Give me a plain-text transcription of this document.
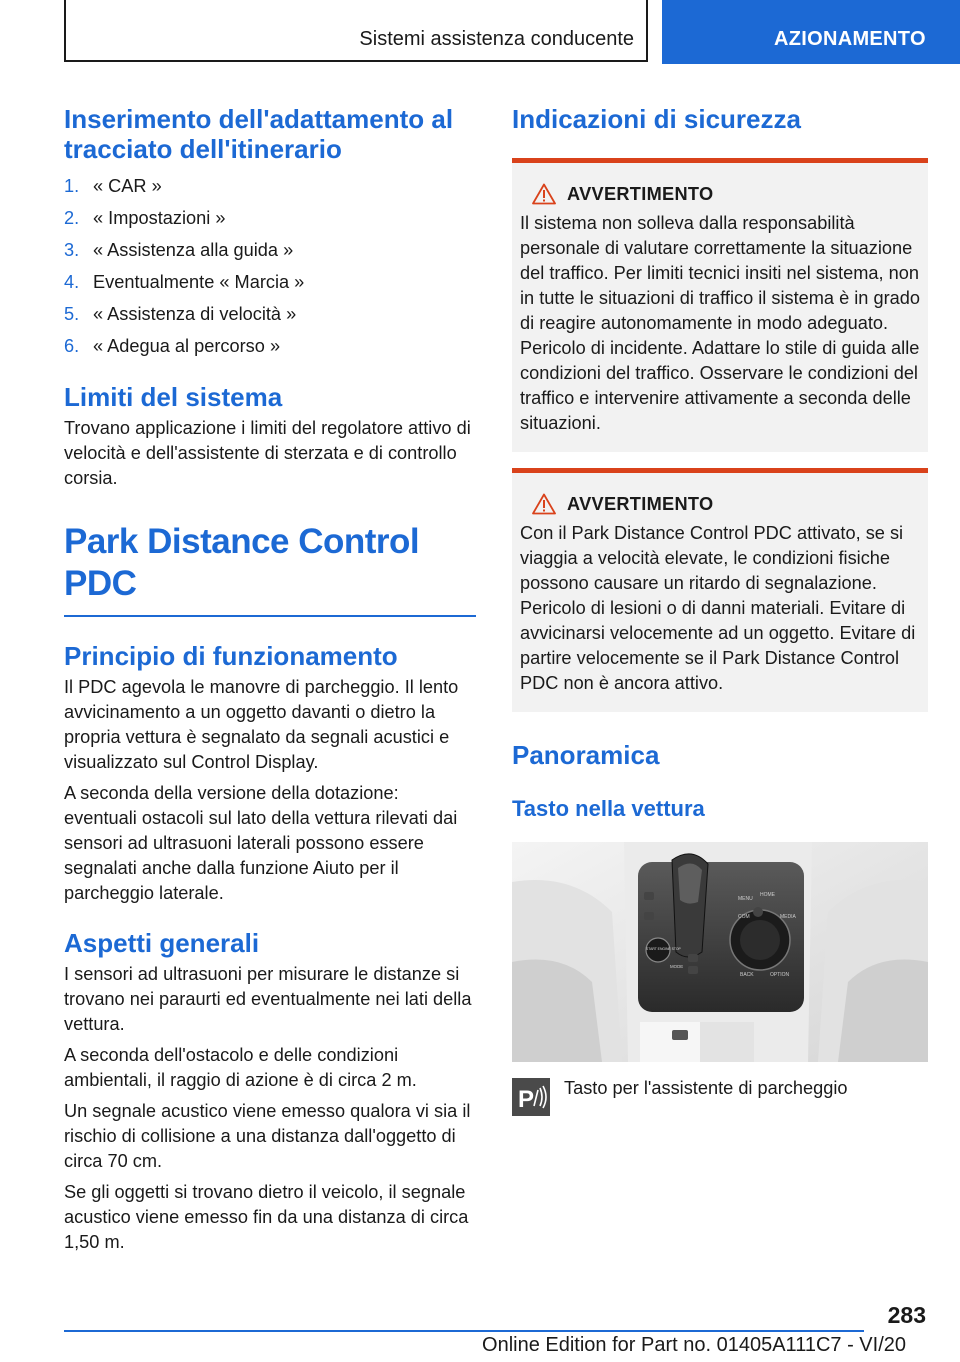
Sistemi assistenza conducente	AZIONAMENTO
Inserimento dell'adattamento al tracciato dell'itinerario
1. « CAR »
2. « Impostazioni »
3. « Assistenza alla guida »
4. Eventualmente « Marcia »
5. « Assistenza di velocità »
6. « Adegua al percorso »
Limiti del sistema

Trovano applicazione i limiti del regolatore attivo di velocità e dell'assistente di sterzata e di controllo corsia.

Park Distance Control PDC
Principio di funzionamento

Il PDC agevola le manovre di parcheggio. Il lento avvicinamento a un oggetto davanti o dietro la propria vettura è segnalato da segnali acustici e visualizzato sul Control Display.

A seconda della versione della dotazione: eventuali ostacoli sul lato della vettura rilevati dai sensori ad ultrasuoni laterali possono essere segnalati anche dalla funzione Aiuto per il parcheggio laterale.

Aspetti generali

I sensori ad ultrasuoni per misurare le distanze si trovano nei paraurti ed eventualmente nei lati della vettura.

A seconda dell'ostacolo e delle condizioni ambientali, il raggio di azione è di circa 2 m.

Un segnale acustico viene emesso qualora vi sia il rischio di collisione a una distanza dall'oggetto di circa 70 cm.

Se gli oggetti si trovano dietro il veicolo, il segnale acustico viene emesso fin da una distanza di circa 1,50 m.

Indicazioni di sicurezza
AVVERTIMENTO

Il sistema non solleva dalla responsabilità personale di valutare correttamente la situazione del traffico. Per limiti tecnici insiti nel sistema, non in tutte le situazioni di traffico il sistema è in grado di reagire autonomamente in modo adeguato. Pericolo di incidente. Adattare lo stile di guida alle condizioni del traffico. Osservare le condizioni del traffico e intervenire attivamente a seconda delle situazioni.

AVVERTIMENTO

Con il Park Distance Control PDC attivato, se si viaggia a velocità elevate, le condizioni fisiche possono causare un ritardo di segnalazione. Pericolo di lesioni o di danni materiali. Evitare di avvicinarsi velocemente ad un oggetto. Evitare di partire velocemente se il Park Distance Control PDC non è ancora attivo.

Panoramica
Tasto nella vettura
MENU
HOME
COM	MEDIA
BACK	OPTION
START ENGINE STOP
MODE
P Tasto per l'assistente di parcheggio
283
Online Edition for Part no. 01405A111C7 - VI/20
